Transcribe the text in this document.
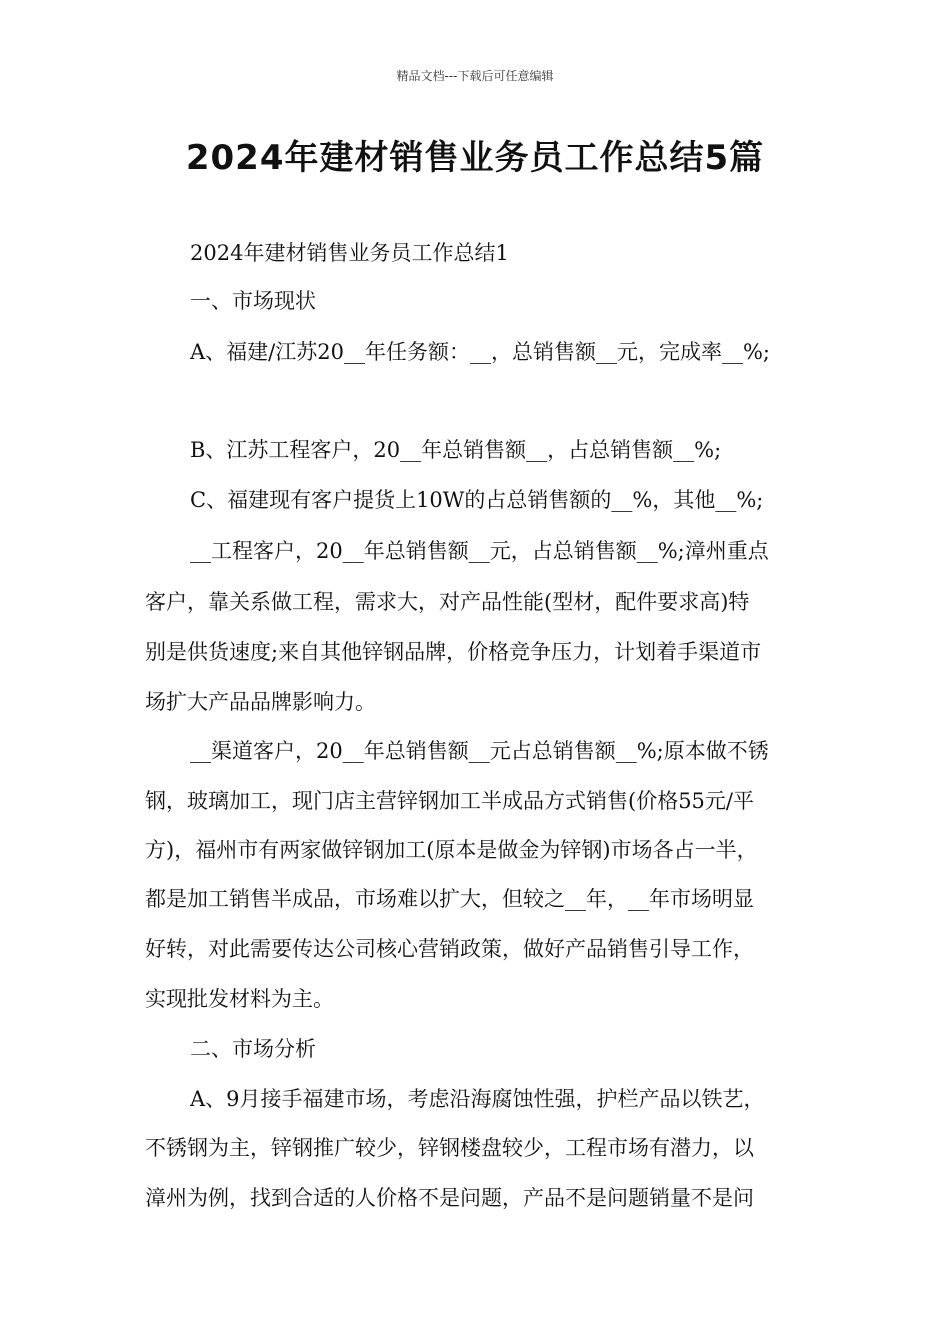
精品文档---下载后可任意编辑
2024年建材销售业务员工作总结5篇
2024年建材销售业务员工作总结1
一、市场现状
A、福建/江苏20__年任务额：__，总销售额__元，完成率__%;
B、江苏工程客户，20__年总销售额__，占总销售额__%;
C、福建现有客户提货上10W的占总销售额的__%，其他__%;
__工程客户，20__年总销售额__元，占总销售额__%;漳州重点
客户，靠关系做工程，需求大，对产品性能(型材，配件要求高)特
别是供货速度;来自其他锌钢品牌，价格竞争压力，计划着手渠道市
场扩大产品品牌影响力。
__渠道客户，20__年总销售额__元占总销售额__%;原本做不锈
钢，玻璃加工，现门店主营锌钢加工半成品方式销售(价格55元/平
方)，福州市有两家做锌钢加工(原本是做金为锌钢)市场各占一半，
都是加工销售半成品，市场难以扩大，但较之__年，__年市场明显
好转，对此需要传达公司核心营销政策，做好产品销售引导工作，
实现批发材料为主。
二、市场分析
A、9月接手福建市场，考虑沿海腐蚀性强，护栏产品以铁艺，
不锈钢为主，锌钢推广较少，锌钢楼盘较少，工程市场有潜力，以
漳州为例，找到合适的人价格不是问题，产品不是问题销量不是问
